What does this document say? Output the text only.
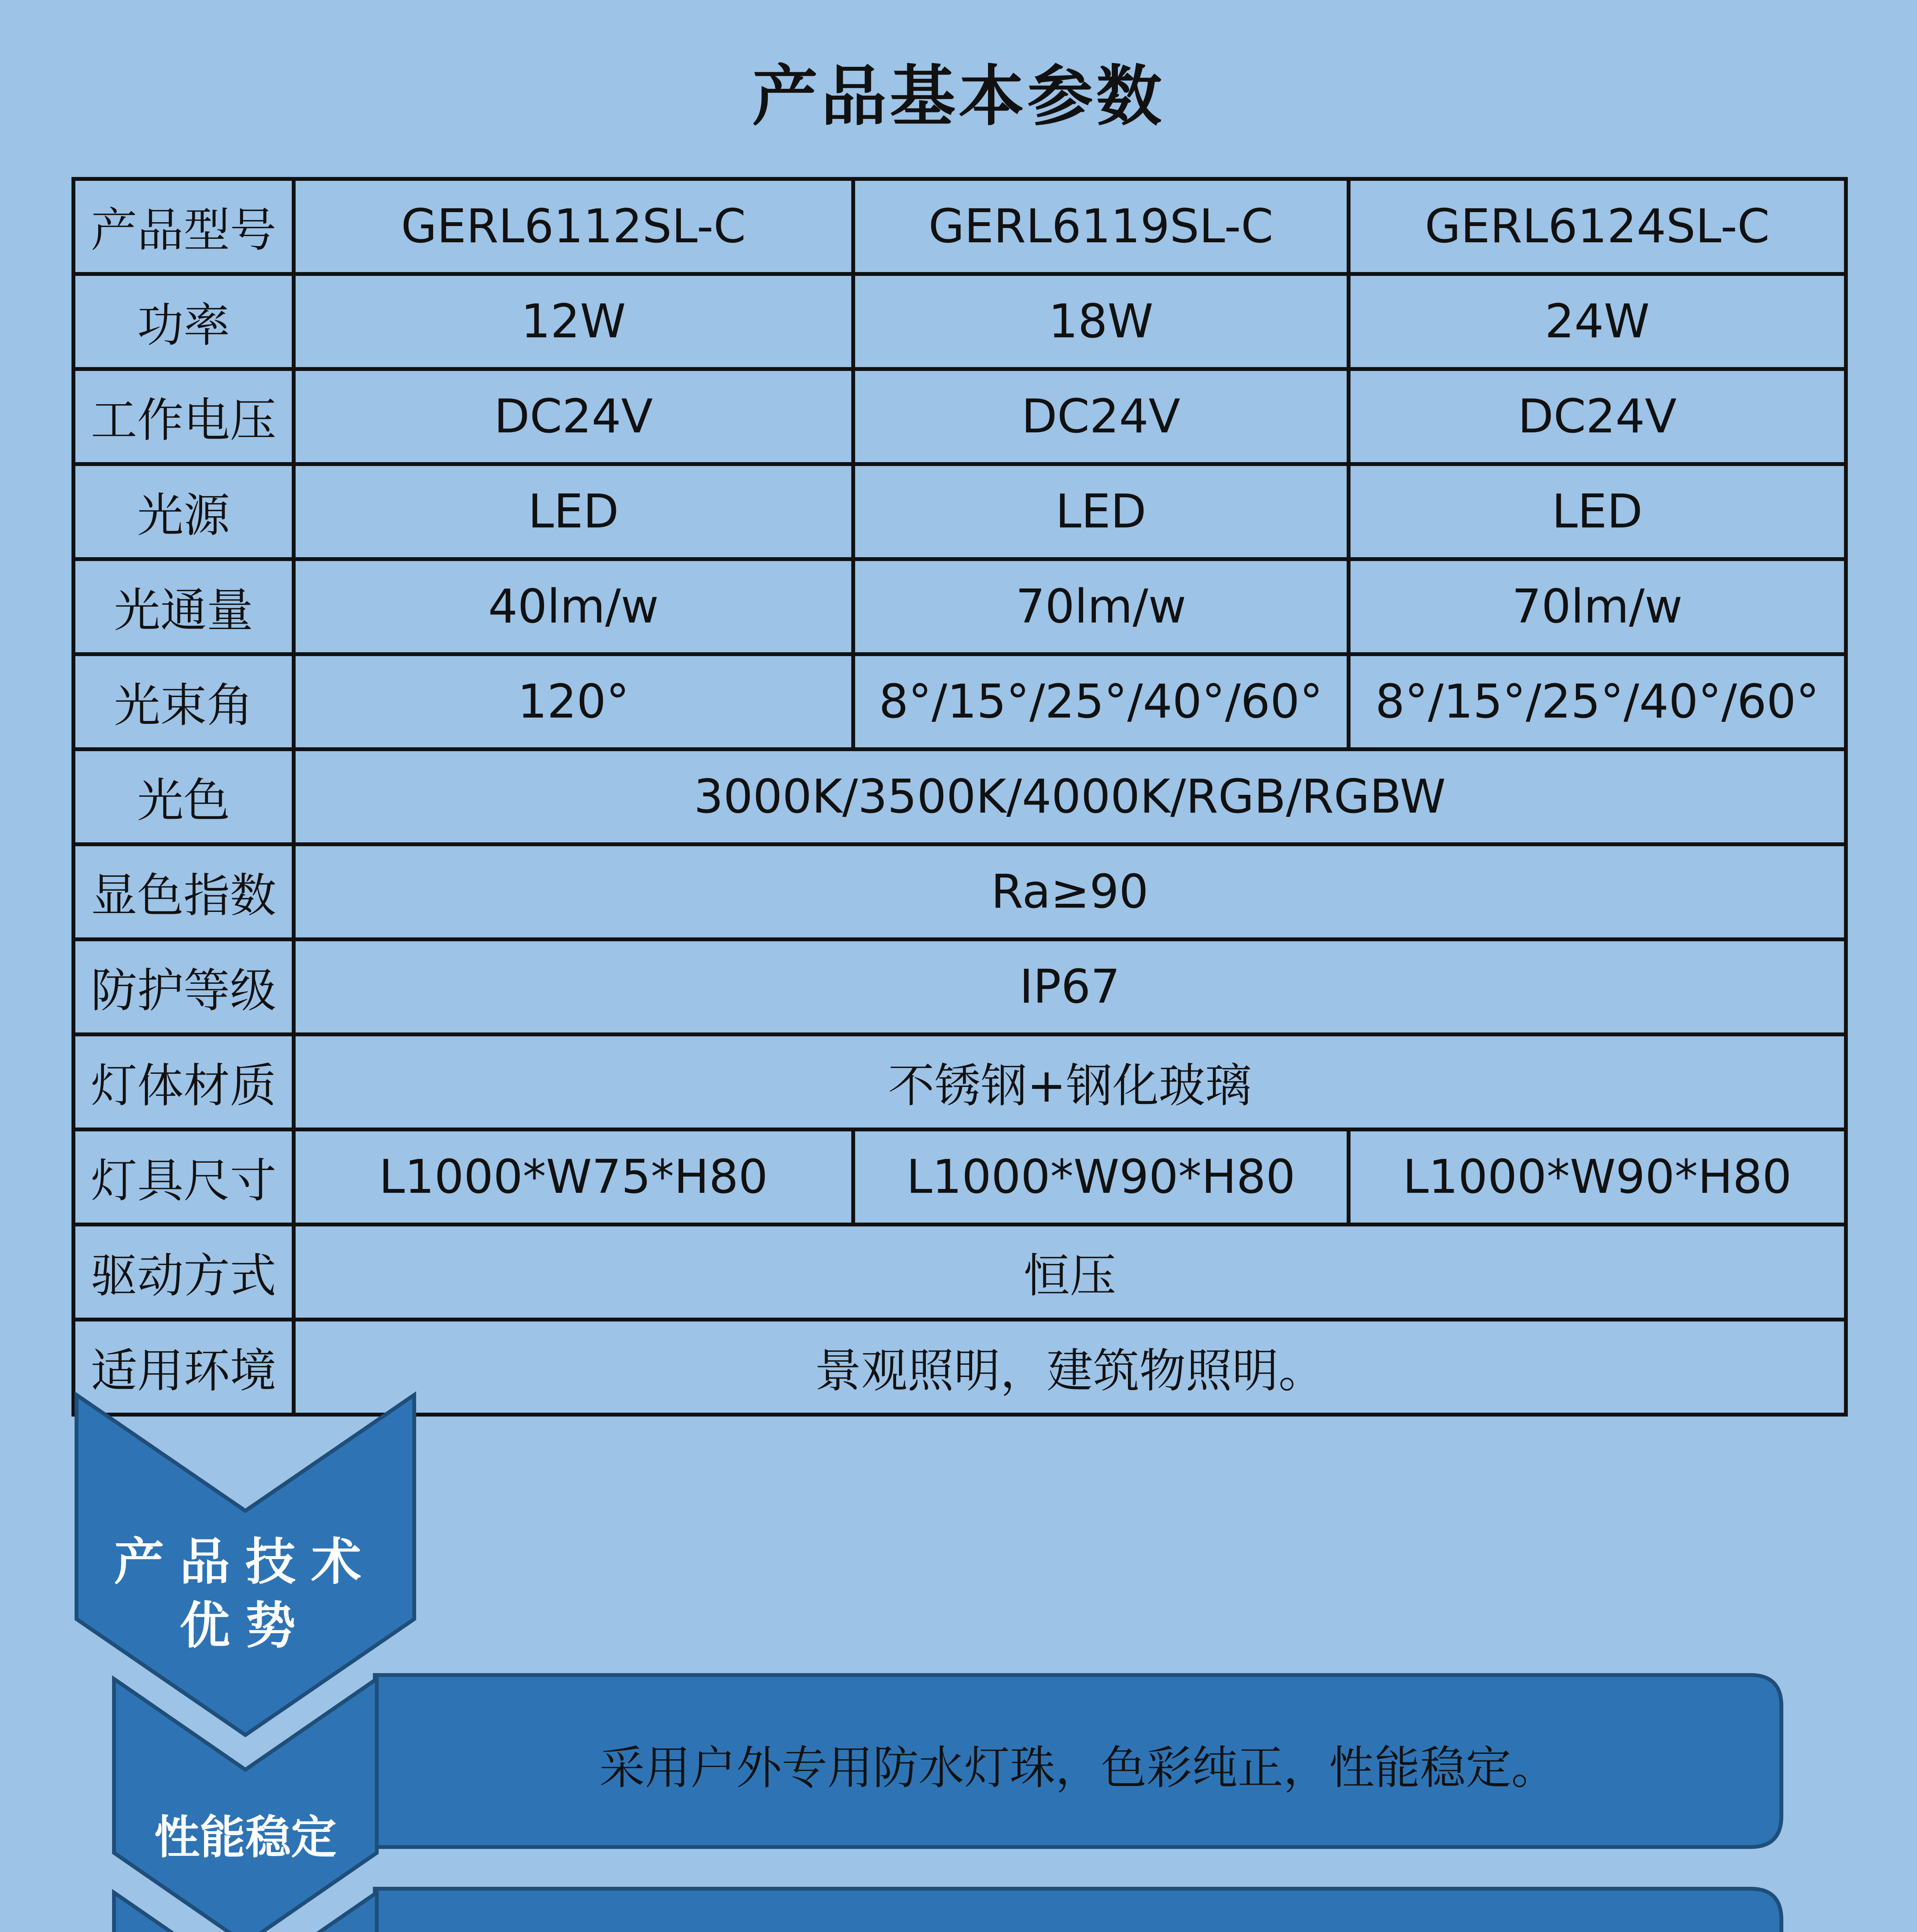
产品基本参数
产品型号	GERL6112SL-C	GERL6119SL-C	GERL6124SL-C
功率	12W	18W	24W
工作电压	DC24V	DC24V	DC24V
光源	LED	LED	LED
光通量	40lm/w	70lm/w	70lm/w
光束角	120°	8°/15°/25°/40°/60°	8°/15°/25°/40°/60°
光色	3000K/3500K/4000K/RGB/RGBW		
显色指数	Ra≥90		
防护等级	IP67		
灯体材质	不锈钢+钢化玻璃		
灯具尺寸	L1000*W75*H80	L1000*W90*H80	L1000*W90*H80
驱动方式	恒压		
适用环境	景观照明，建筑物照明。		
产品技术
优势
性能稳定
采用户外专用防水灯珠，色彩纯正，性能稳定。
